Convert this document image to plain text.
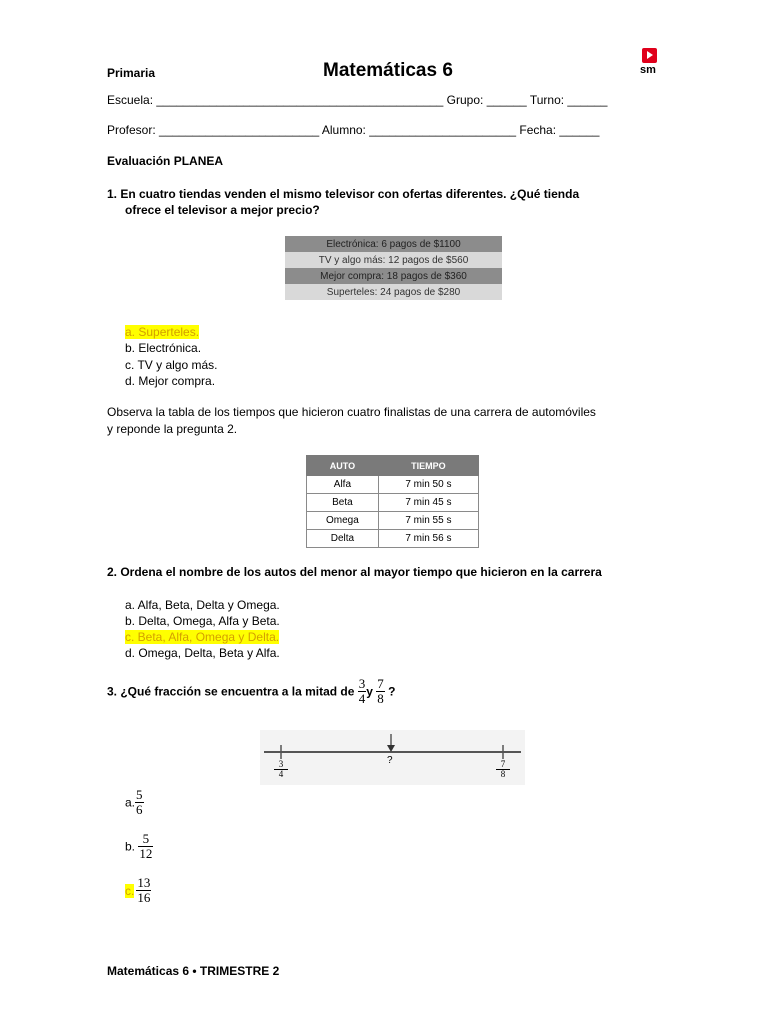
Primaria	Matemáticas 6	sm
Escuela: ___________________________________________ Grupo: ______ Turno: ______
Profesor: ________________________ Alumno: ______________________ Fecha: ______
Evaluación PLANEA
1. En cuatro tiendas venden el mismo televisor con ofertas diferentes. ¿Qué tienda
ofrece el televisor a mejor precio?
Electrónica: 6 pagos de $1100
TV y algo más: 12 pagos de $560
Mejor compra: 18 pagos de $360
Superteles: 24 pagos de $280
a. Superteles.
b. Electrónica.
c. TV y algo más.
d. Mejor compra.
Observa la tabla de los tiempos que hicieron cuatro finalistas de una carrera de automóviles
y reponde la pregunta 2.
AUTO	TIEMPO
Alfa	7 min 50 s
Beta	7 min 45 s
Omega	7 min 55 s
Delta	7 min 56 s
2. Ordena el nombre de los autos del menor al mayor tiempo que hicieron en la carrera
a. Alfa, Beta, Delta y Omega.
b. Delta, Omega, Alfa y Beta.
c. Beta, Alfa, Omega y Delta.
d. Omega, Delta, Beta y Alfa.
3. ¿Qué fracción se encuentra a la mitad de $\frac{3}{4}$ y $\frac{7}{8}$ ?
3
4
?	7
8
a. $\frac{5}{6}$
b. $\frac{5}{12}$
c. $\frac{13}{16}$
Matemáticas 6 • TRIMESTRE 2
